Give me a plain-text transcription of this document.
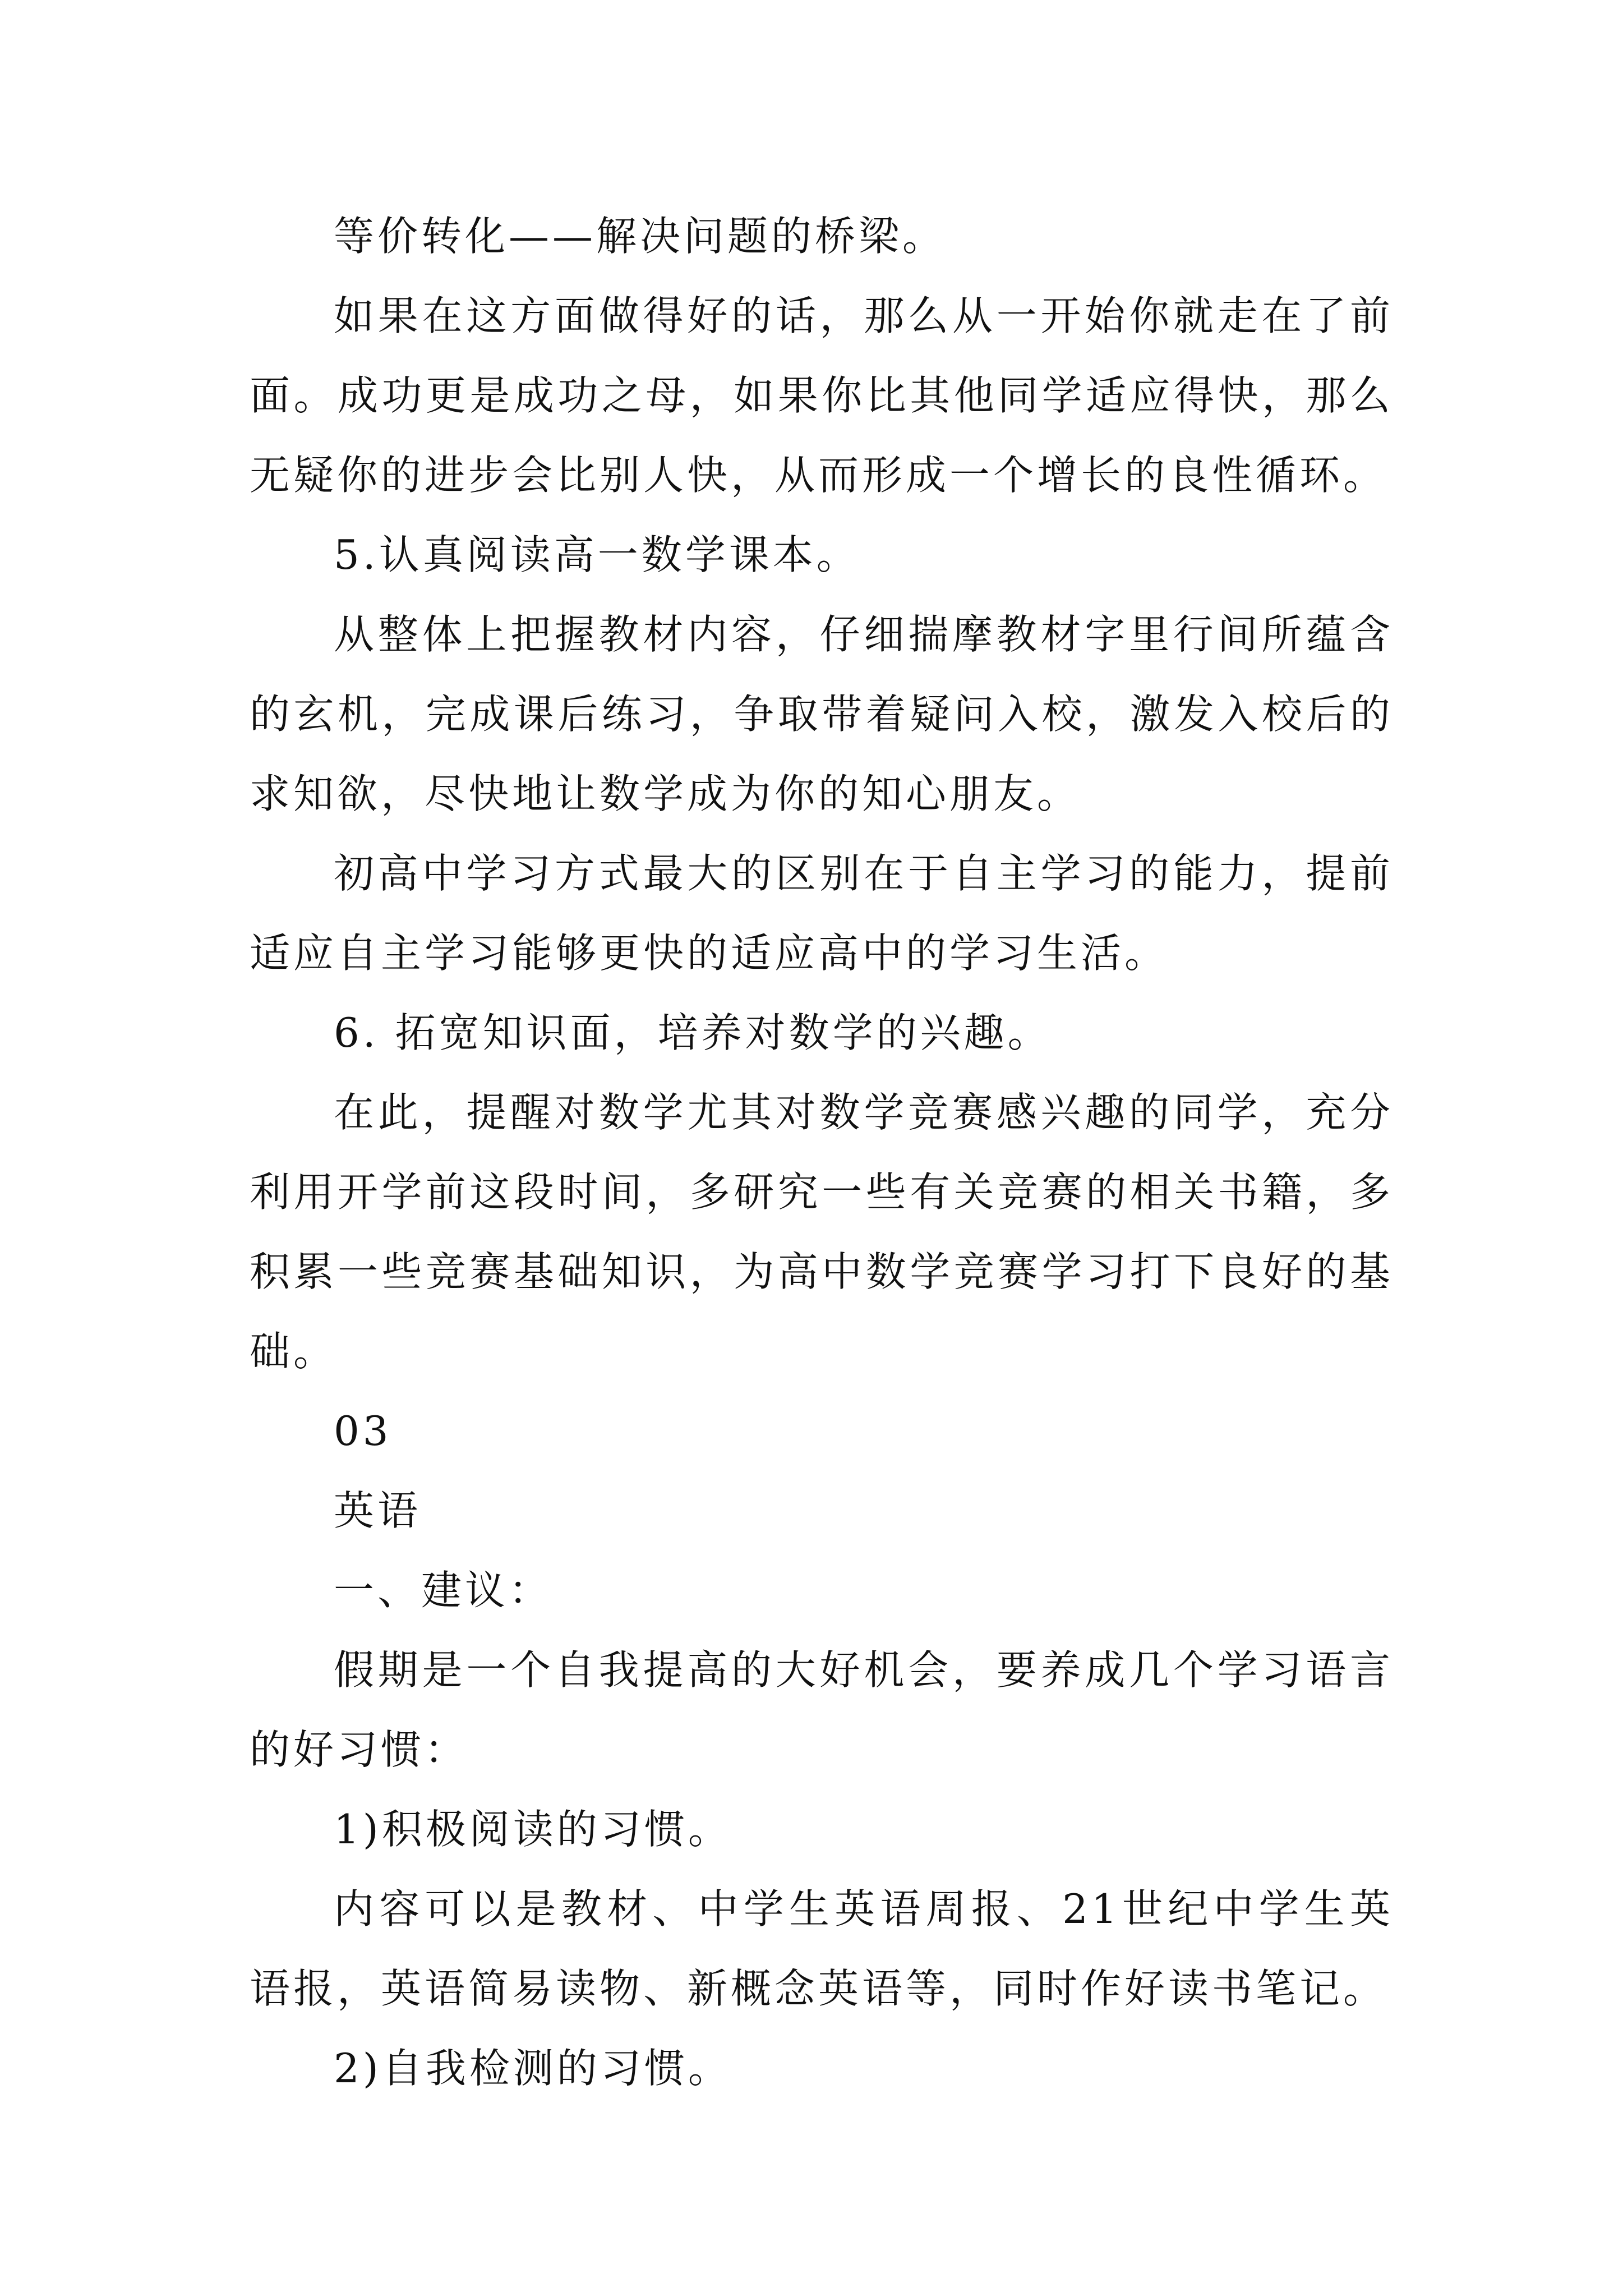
等价转化——解决问题的桥梁。

如果在这方面做得好的话，那么从一开始你就走在了前面。成功更是成功之母，如果你比其他同学适应得快，那么无疑你的进步会比别人快，从而形成一个增长的良性循环。

5.认真阅读高一数学课本。

从整体上把握教材内容，仔细揣摩教材字里行间所蕴含的玄机，完成课后练习，争取带着疑问入校，激发入校后的求知欲，尽快地让数学成为你的知心朋友。

初高中学习方式最大的区别在于自主学习的能力，提前适应自主学习能够更快的适应高中的学习生活。

6. 拓宽知识面，培养对数学的兴趣。

在此，提醒对数学尤其对数学竞赛感兴趣的同学，充分利用开学前这段时间，多研究一些有关竞赛的相关书籍，多积累一些竞赛基础知识，为高中数学竞赛学习打下良好的基础。

03

英语

一、建议：

假期是一个自我提高的大好机会，要养成几个学习语言的好习惯：

1)积极阅读的习惯。

内容可以是教材、中学生英语周报、21世纪中学生英语报，英语简易读物、新概念英语等，同时作好读书笔记。

2)自我检测的习惯。
